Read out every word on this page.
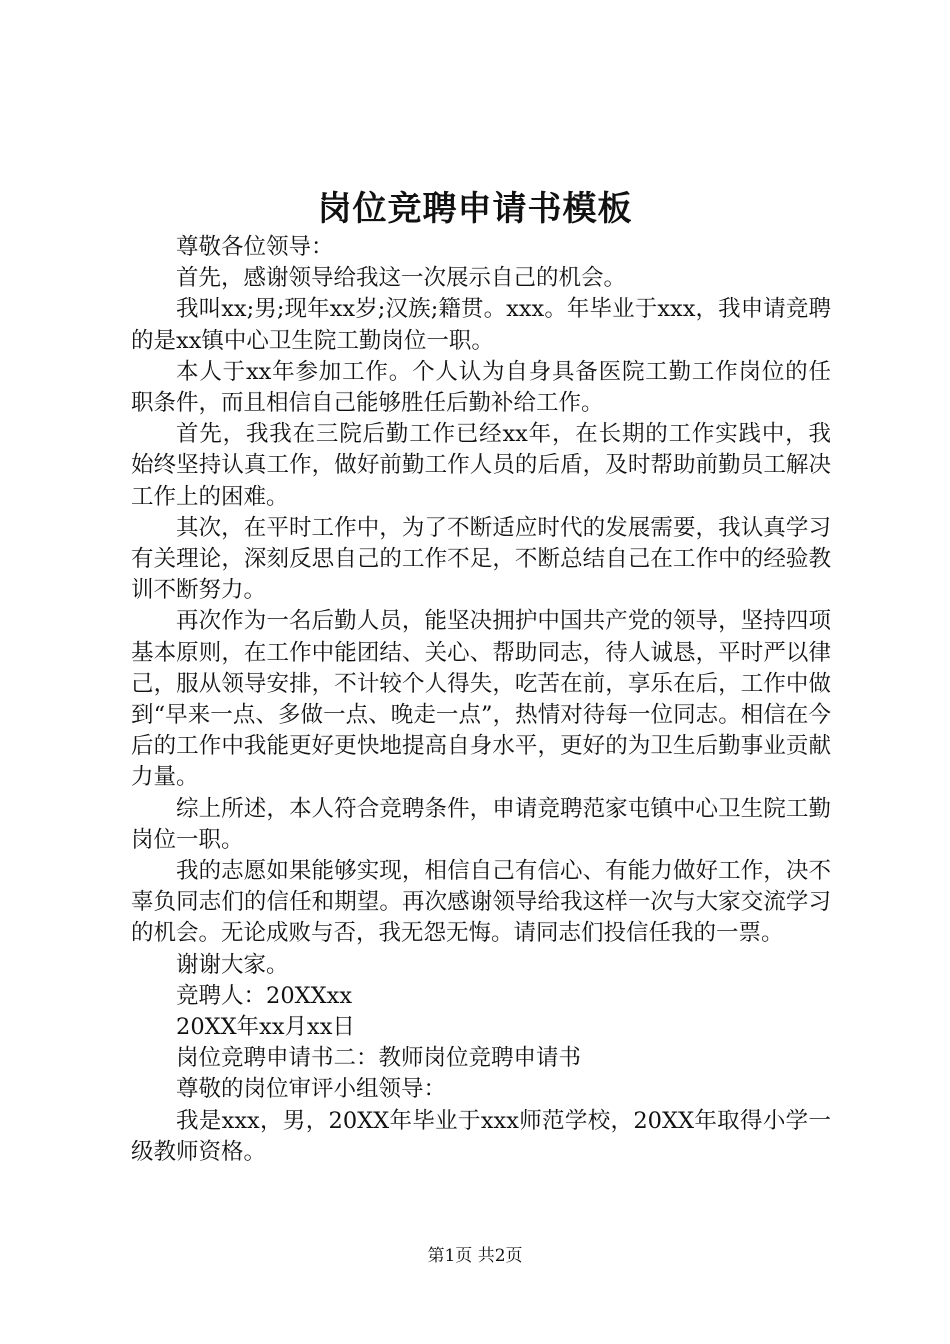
岗位竞聘申请书模板

尊敬各位领导：

首先，感谢领导给我这一次展示自己的机会。

我叫xx;男;现年xx岁;汉族;籍贯。xxx。年毕业于xxx，我申请竞聘的是xx镇中心卫生院工勤岗位一职。

本人于xx年参加工作。个人认为自身具备医院工勤工作岗位的任职条件，而且相信自己能够胜任后勤补给工作。

首先，我我在三院后勤工作已经xx年，在长期的工作实践中，我始终坚持认真工作，做好前勤工作人员的后盾，及时帮助前勤员工解决工作上的困难。

其次，在平时工作中，为了不断适应时代的发展需要，我认真学习有关理论，深刻反思自己的工作不足，不断总结自己在工作中的经验教训不断努力。

再次作为一名后勤人员，能坚决拥护中国共产党的领导，坚持四项基本原则，在工作中能团结、关心、帮助同志，待人诚恳，平时严以律己，服从领导安排，不计较个人得失，吃苦在前，享乐在后，工作中做到“早来一点、多做一点、晚走一点”，热情对待每一位同志。相信在今后的工作中我能更好更快地提高自身水平，更好的为卫生后勤事业贡献力量。

综上所述，本人符合竞聘条件，申请竞聘范家屯镇中心卫生院工勤岗位一职。

我的志愿如果能够实现，相信自己有信心、有能力做好工作，决不辜负同志们的信任和期望。再次感谢领导给我这样一次与大家交流学习的机会。无论成败与否，我无怨无悔。请同志们投信任我的一票。

谢谢大家。

竞聘人：20XXxx

20XX年xx月xx日

岗位竞聘申请书二：教师岗位竞聘申请书

尊敬的岗位审评小组领导：

我是xxx，男，20XX年毕业于xxx师范学校，20XX年取得小学一级教师资格。

第1页 共2页
